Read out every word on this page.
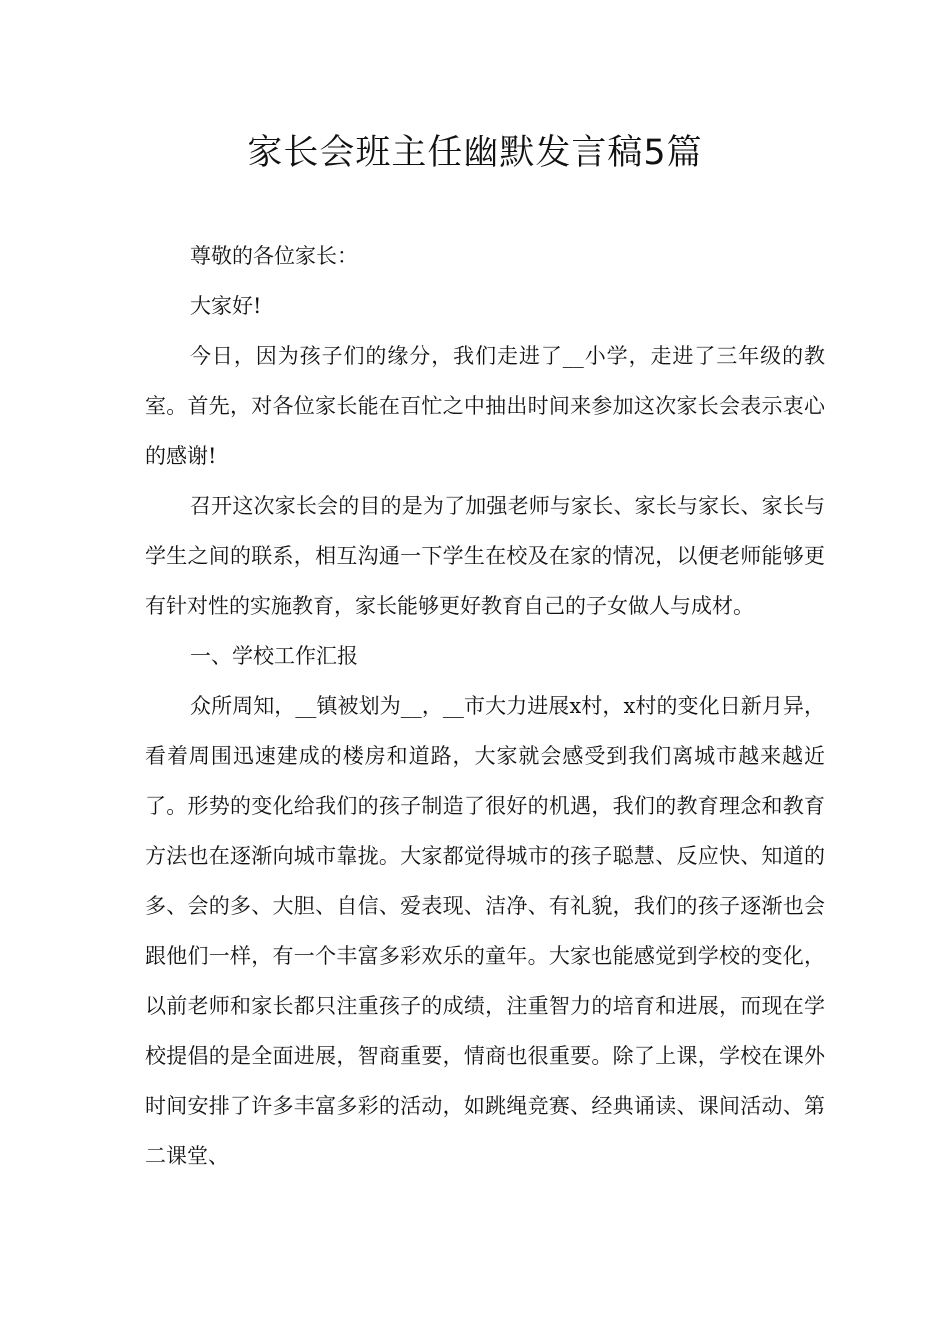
家长会班主任幽默发言稿5篇

尊敬的各位家长：

大家好!

今日，因为孩子们的缘分，我们走进了__小学，走进了三年级的教室。首先，对各位家长能在百忙之中抽出时间来参加这次家长会表示衷心的感谢!

召开这次家长会的目的是为了加强老师与家长、家长与家长、家长与学生之间的联系，相互沟通一下学生在校及在家的情况，以便老师能够更有针对性的实施教育，家长能够更好教育自己的子女做人与成材。

一、学校工作汇报

众所周知，__镇被划为__，__市大力进展x村，x村的变化日新月异，看着周围迅速建成的楼房和道路，大家就会感受到我们离城市越来越近了。形势的变化给我们的孩子制造了很好的机遇，我们的教育理念和教育方法也在逐渐向城市靠拢。大家都觉得城市的孩子聪慧、反应快、知道的多、会的多、大胆、自信、爱表现、洁净、有礼貌，我们的孩子逐渐也会跟他们一样，有一个丰富多彩欢乐的童年。大家也能感觉到学校的变化，以前老师和家长都只注重孩子的成绩，注重智力的培育和进展，而现在学校提倡的是全面进展，智商重要，情商也很重要。除了上课，学校在课外时间安排了许多丰富多彩的活动，如跳绳竞赛、经典诵读、课间活动、第二课堂、
